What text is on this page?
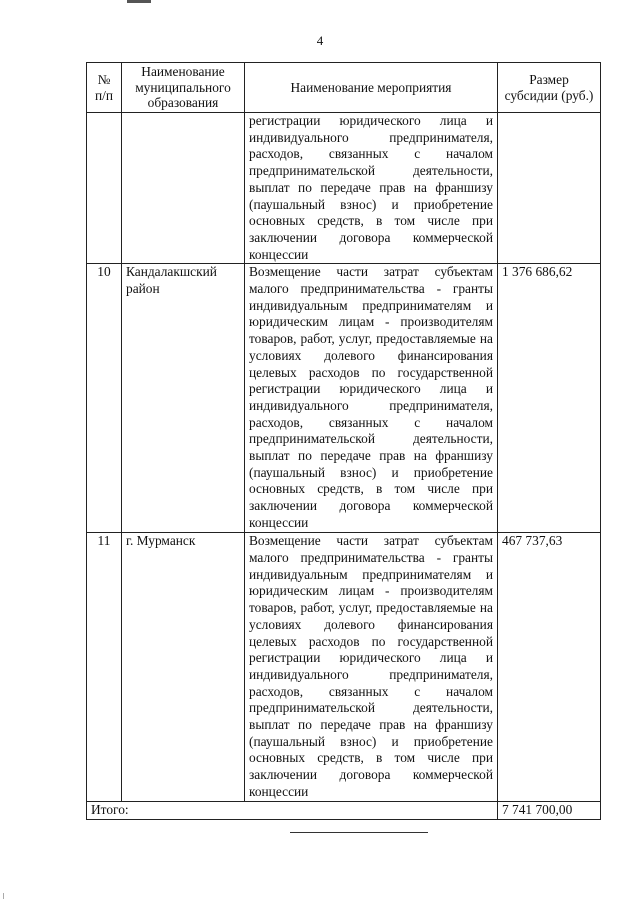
4
№ п/п	Наименование муниципального образования	Наименование мероприятия	Размер субсидии (руб.)
		регистрации юридического лица и индивидуального предпринимателя, расходов, связанных с началом предпринимательской деятельности, выплат по передаче прав на франшизу (паушальный взнос) и приобретение основных средств, в том числе при заключении договора коммерческой концессии	
10	Кандалакшский район	Возмещение части затрат субъектам малого предпринимательства - гранты индивидуальным предпринимателям и юридическим лицам - производителям товаров, работ, услуг, предоставляемые на условиях долевого финансирования целевых расходов по государственной регистрации юридического лица и индивидуального предпринимателя, расходов, связанных с началом предпринимательской деятельности, выплат по передаче прав на франшизу (паушальный взнос) и приобретение основных средств, в том числе при заключении договора коммерческой концессии	1 376 686,62
11	г. Мурманск	Возмещение части затрат субъектам малого предпринимательства - гранты индивидуальным предпринимателям и юридическим лицам - производителям товаров, работ, услуг, предоставляемые на условиях долевого финансирования целевых расходов по государственной регистрации юридического лица и индивидуального предпринимателя, расходов, связанных с началом предпринимательской деятельности, выплат по передаче прав на франшизу (паушальный взнос) и приобретение основных средств, в том числе при заключении договора коммерческой концессии	467 737,63
Итого:			7 741 700,00
